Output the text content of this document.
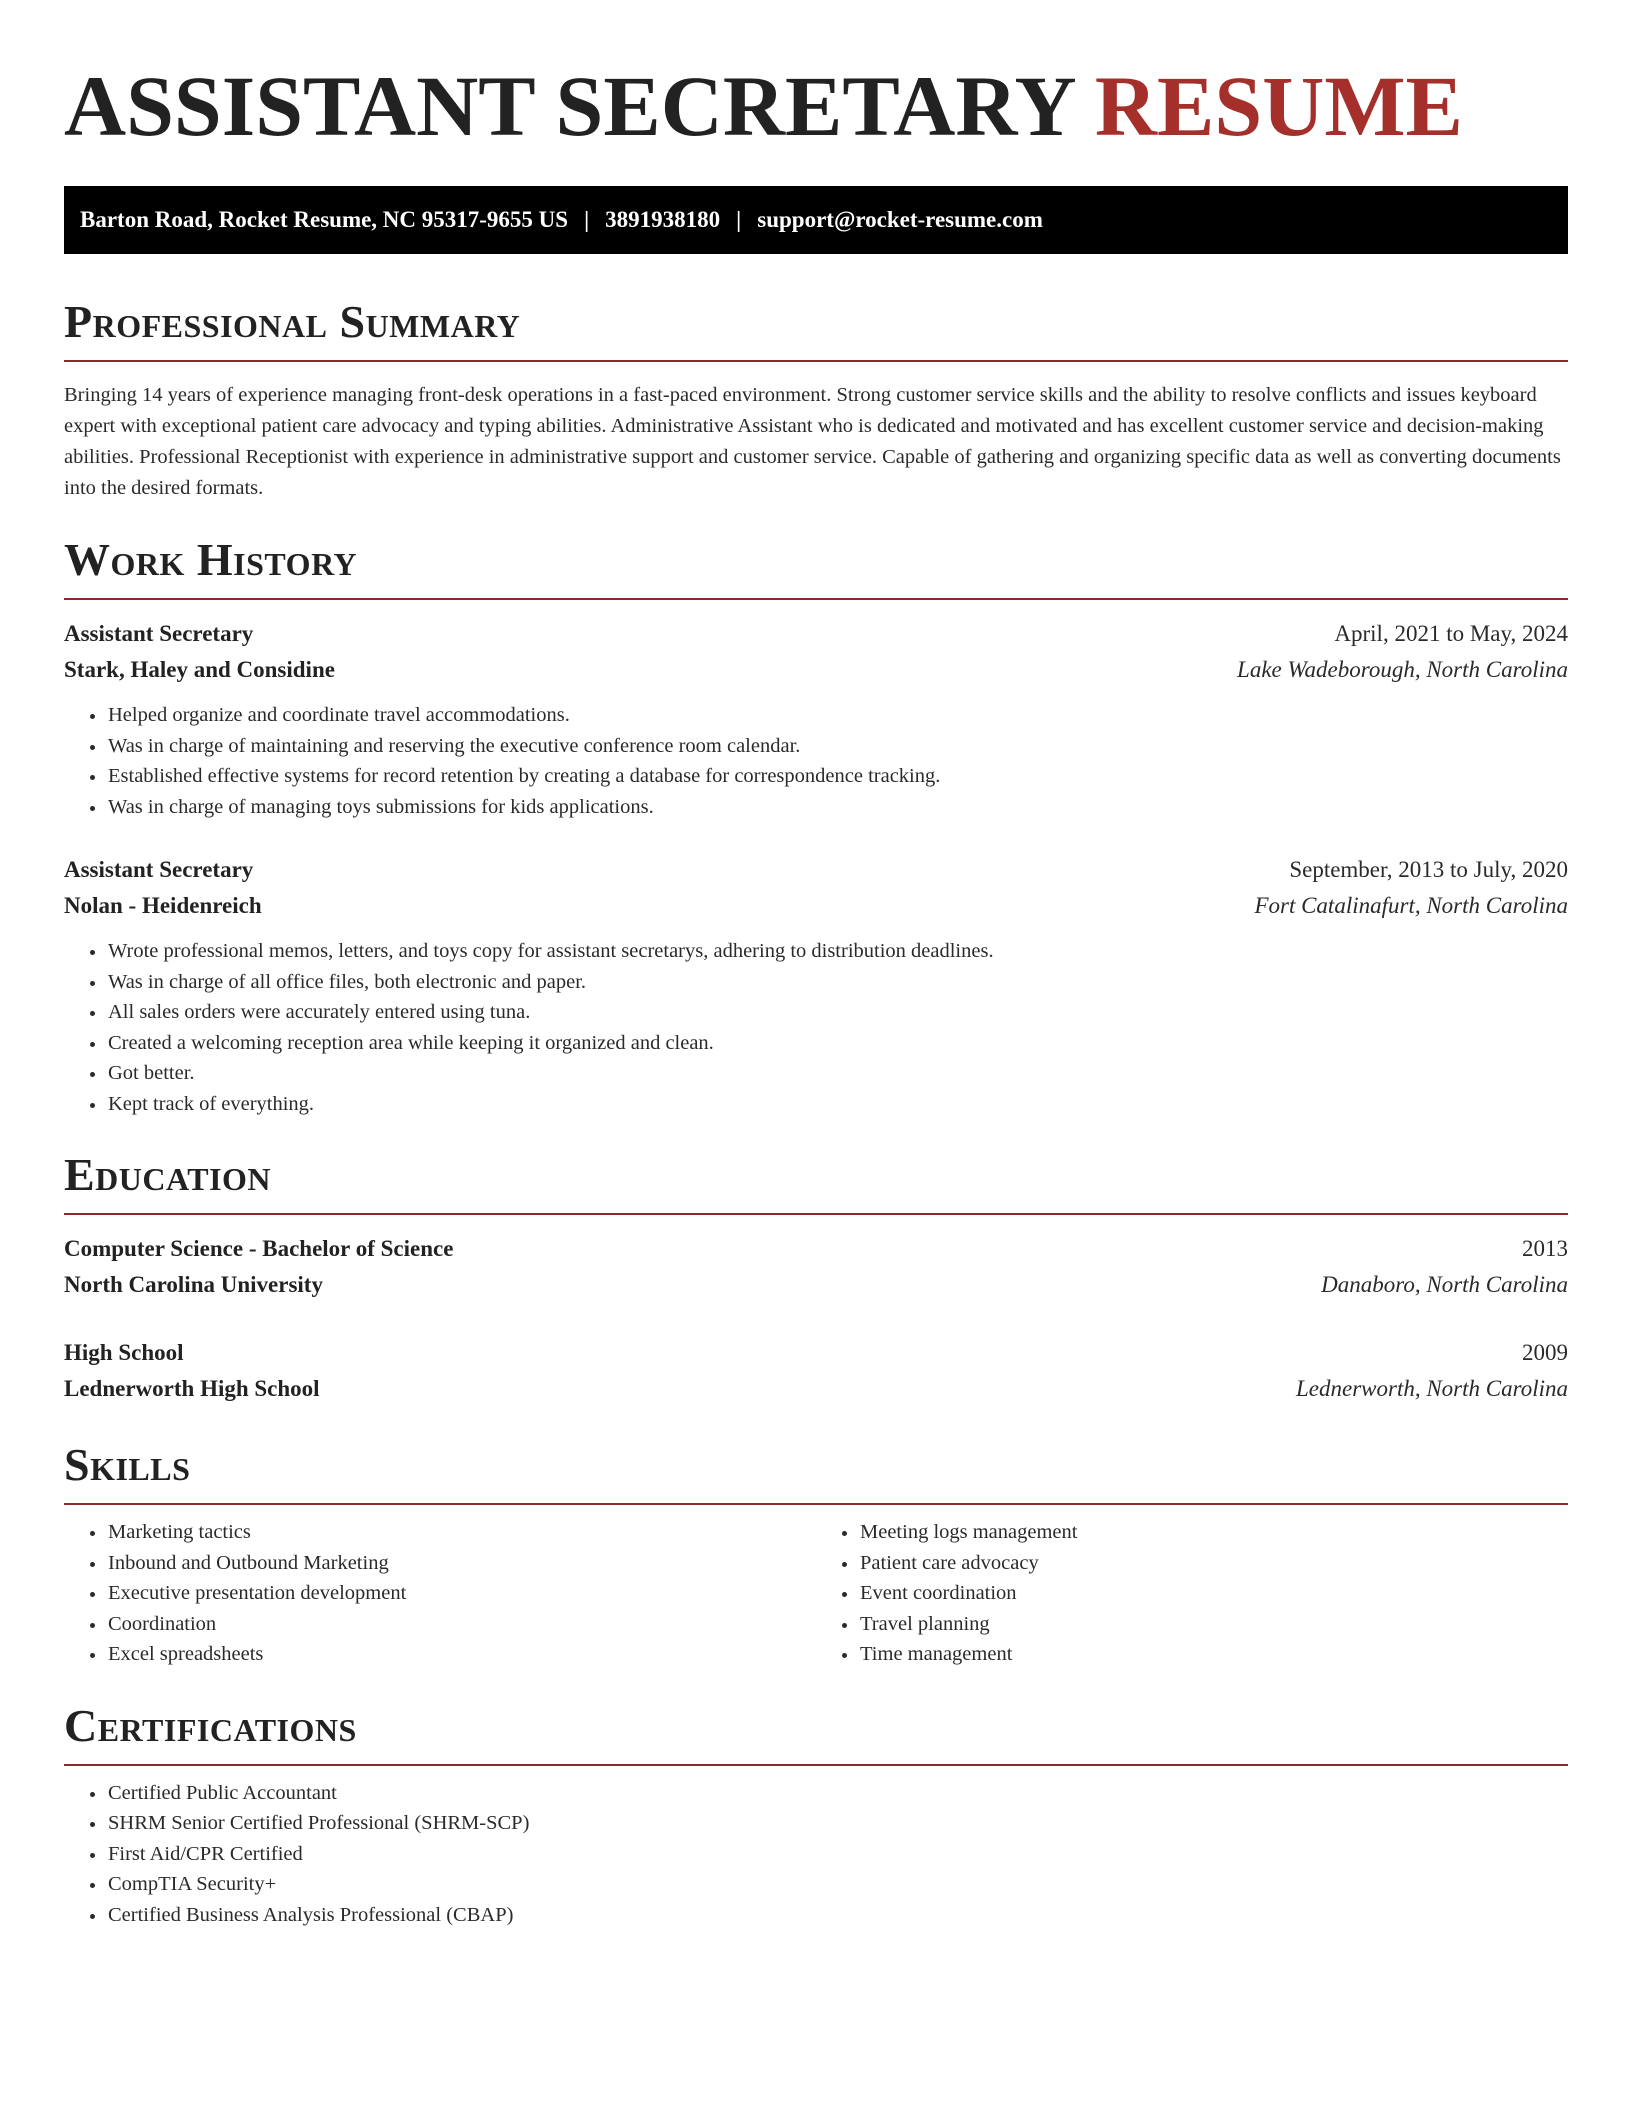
ASSISTANT SECRETARY RESUME
Barton Road, Rocket Resume, NC 95317-9655 US | 3891938180 | support@rocket-resume.com
Professional Summary

Bringing 14 years of experience managing front-desk operations in a fast-paced environment. Strong customer service skills and the ability to resolve conflicts and issues keyboard expert with exceptional patient care advocacy and typing abilities. Administrative Assistant who is dedicated and motivated and has excellent customer service and decision-making abilities. Professional Receptionist with experience in administrative support and customer service. Capable of gathering and organizing specific data as well as converting documents into the desired formats.

Work History
Assistant Secretary	April, 2021 to May, 2024
Stark, Haley and Considine	Lake Wadeborough, North Carolina
• Helped organize and coordinate travel accommodations.
• Was in charge of maintaining and reserving the executive conference room calendar.
• Established effective systems for record retention by creating a database for correspondence tracking.
• Was in charge of managing toys submissions for kids applications.
Assistant Secretary	September, 2013 to July, 2020
Nolan - Heidenreich	Fort Catalinafurt, North Carolina
• Wrote professional memos, letters, and toys copy for assistant secretarys, adhering to distribution deadlines.
• Was in charge of all office files, both electronic and paper.
• All sales orders were accurately entered using tuna.
• Created a welcoming reception area while keeping it organized and clean.
• Got better.
• Kept track of everything.
Education
Computer Science - Bachelor of Science	2013
North Carolina University	Danaboro, North Carolina
High School	2009
Lednerworth High School	Lednerworth, North Carolina
Skills
• Marketing tactics
• Inbound and Outbound Marketing
• Executive presentation development
• Coordination
• Excel spreadsheets
• Meeting logs management
• Patient care advocacy
• Event coordination
• Travel planning
• Time management
Certifications
• Certified Public Accountant
• SHRM Senior Certified Professional (SHRM-SCP)
• First Aid/CPR Certified
• CompTIA Security+
• Certified Business Analysis Professional (CBAP)
